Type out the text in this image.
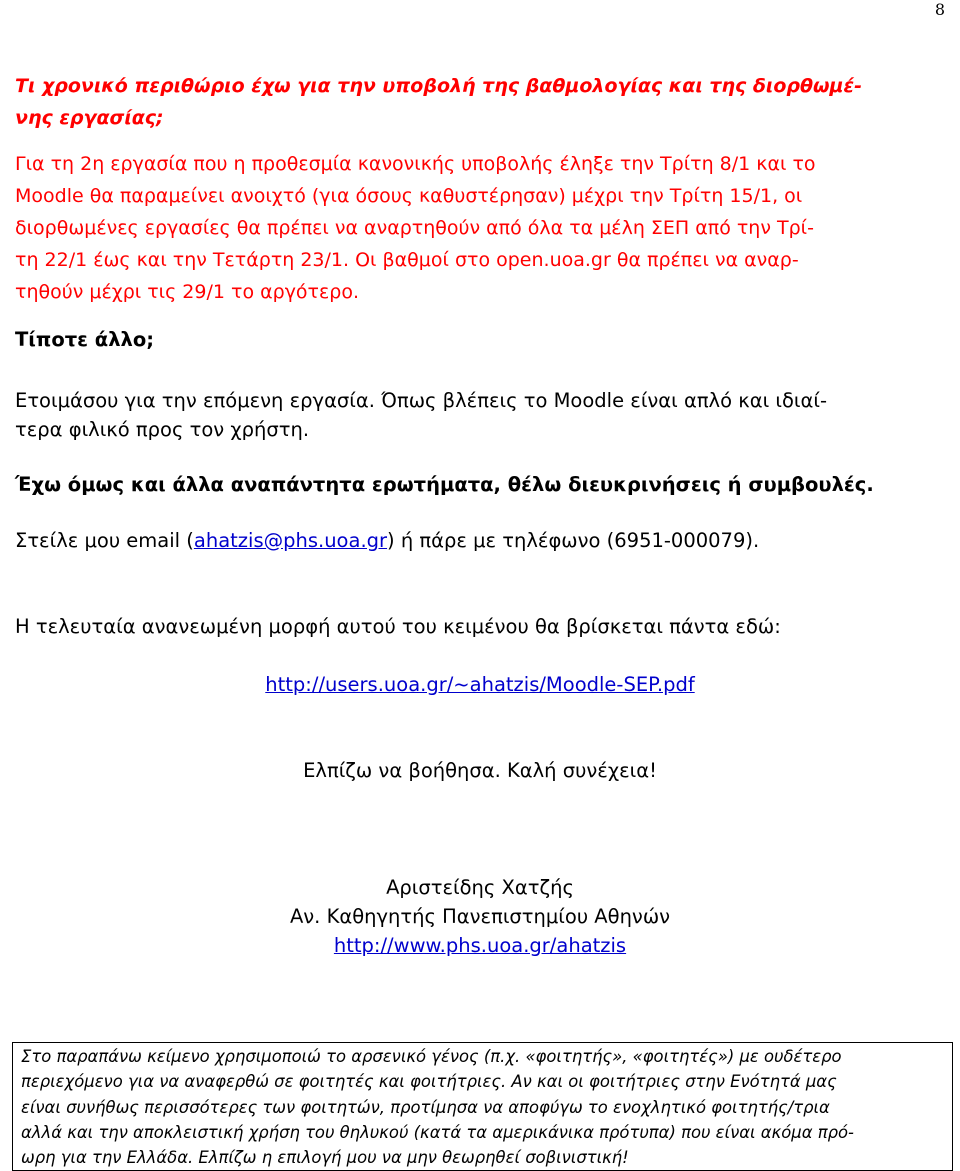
8
Τι χρονικό περιθώριο έχω για την υποβολή της βαθμολογίας και της διορθωμέ-
νης εργασίας;
Για τη 2η εργασία που η προθεσμία κανονικής υποβολής έληξε την Τρίτη 8/1 και το
Moodle θα παραμείνει ανοιχτό (για όσους καθυστέρησαν) μέχρι την Τρίτη 15/1, οι
διορθωμένες εργασίες θα πρέπει να αναρτηθούν από όλα τα μέλη ΣΕΠ από την Τρί-
τη 22/1 έως και την Τετάρτη 23/1. Οι βαθμοί στο open.uoa.gr θα πρέπει να αναρ-
τηθούν μέχρι τις 29/1 το αργότερο.
Τίποτε άλλο;
Ετοιμάσου για την επόμενη εργασία. Όπως βλέπεις το Moodle είναι απλό και ιδιαί-
τερα φιλικό προς τον χρήστη.
Έχω όμως και άλλα αναπάντητα ερωτήματα, θέλω διευκρινήσεις ή συμβουλές.
Στείλε μου email (ahatzis@phs.uoa.gr) ή πάρε με τηλέφωνο (6951-000079).
Η τελευταία ανανεωμένη μορφή αυτού του κειμένου θα βρίσκεται πάντα εδώ:
http://users.uoa.gr/~ahatzis/Moodle-SEP.pdf
Ελπίζω να βοήθησα. Καλή συνέχεια!
Αριστείδης Χατζής
Αν. Καθηγητής Πανεπιστημίου Αθηνών
http://www.phs.uoa.gr/ahatzis
Στο παραπάνω κείμενο χρησιμοποιώ το αρσενικό γένος (π.χ. «φοιτητής», «φοιτητές») με ουδέτερο
περιεχόμενο για να αναφερθώ σε φοιτητές και φοιτήτριες. Αν και οι φοιτήτριες στην Ενότητά μας
είναι συνήθως περισσότερες των φοιτητών, προτίμησα να αποφύγω το ενοχλητικό φοιτητής/τρια
αλλά και την αποκλειστική χρήση του θηλυκού (κατά τα αμερικάνικα πρότυπα) που είναι ακόμα πρό-
ωρη για την Ελλάδα. Ελπίζω η επιλογή μου να μην θεωρηθεί σοβινιστική!
